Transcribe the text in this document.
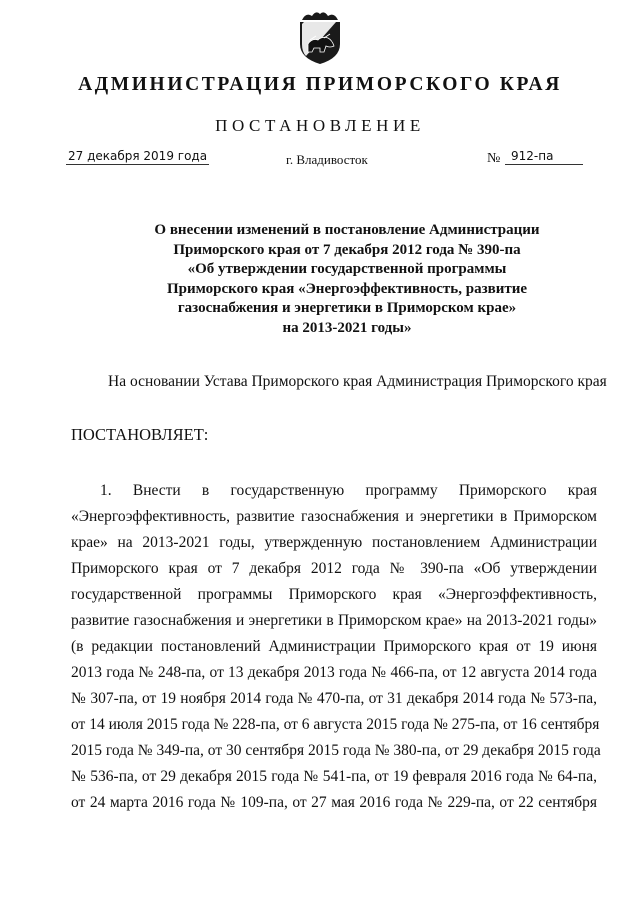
АДМИНИСТРАЦИЯ ПРИМОРСКОГО КРАЯ
ПОСТАНОВЛЕНИЕ
27 декабря 2019 года	г. Владивосток	№ 912-па
О внесении изменений в постановление Администрации
Приморского края от 7 декабря 2012 года № 390-па
«Об утверждении государственной программы
Приморского края «Энергоэффективность, развитие
газоснабжения и энергетики в Приморском крае»
на 2013-2021 годы»
На основании Устава Приморского края Администрация Приморского края
ПОСТАНОВЛЯЕТ:
1. Внести в государственную программу Приморского края
«Энергоэффективность, развитие газоснабжения и энергетики в Приморском
крае» на 2013-2021 годы, утвержденную постановлением Администрации
Приморского края от 7 декабря 2012 года № 390-па «Об утверждении
государственной программы Приморского края «Энергоэффективность,
развитие газоснабжения и энергетики в Приморском крае» на 2013-2021 годы»
(в редакции постановлений Администрации Приморского края от 19 июня
2013 года № 248-па, от 13 декабря 2013 года № 466-па, от 12 августа 2014 года
№ 307-па, от 19 ноября 2014 года № 470-па, от 31 декабря 2014 года № 573-па,
от 14 июля 2015 года № 228-па, от 6 августа 2015 года № 275-па, от 16 сентября
2015 года № 349-па, от 30 сентября 2015 года № 380-па, от 29 декабря 2015 года
№ 536-па, от 29 декабря 2015 года № 541-па, от 19 февраля 2016 года № 64-па,
от 24 марта 2016 года № 109-па, от 27 мая 2016 года № 229-па, от 22 сентября
